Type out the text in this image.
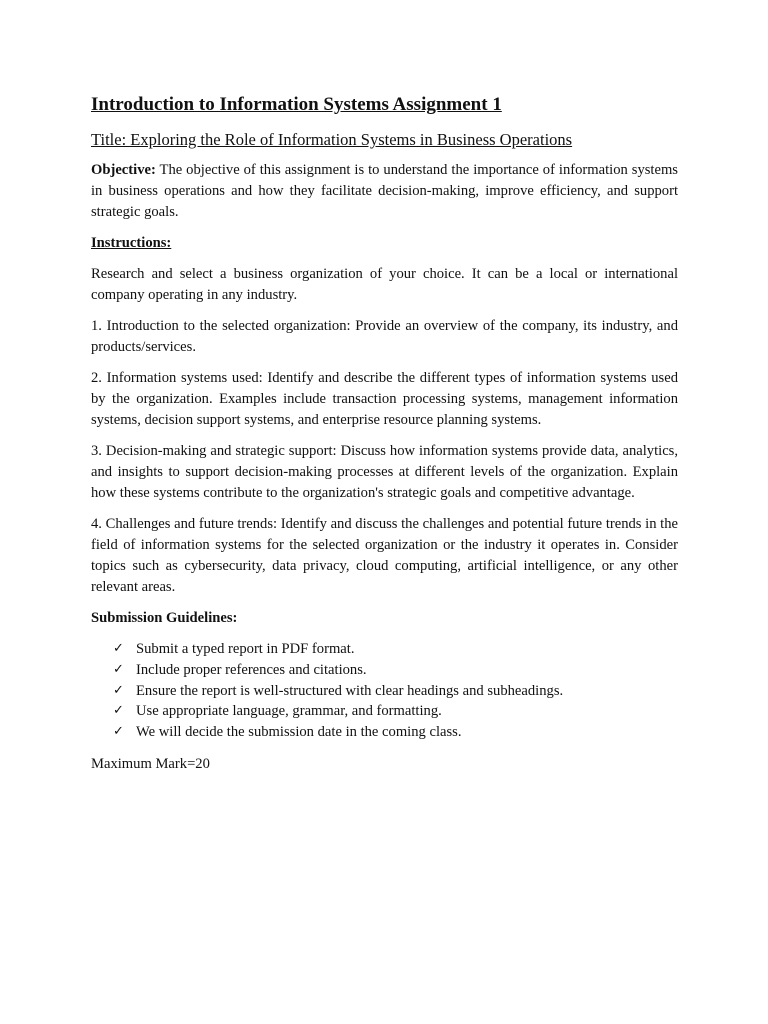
Introduction to Information Systems Assignment 1
Title: Exploring the Role of Information Systems in Business Operations

Objective: The objective of this assignment is to understand the importance of information systems in business operations and how they facilitate decision-making, improve efficiency, and support strategic goals.

Instructions:

Research and select a business organization of your choice. It can be a local or international company operating in any industry.

1. Introduction to the selected organization: Provide an overview of the company, its industry, and products/services.

2. Information systems used: Identify and describe the different types of information systems used by the organization. Examples include transaction processing systems, management information systems, decision support systems, and enterprise resource planning systems.

3. Decision-making and strategic support: Discuss how information systems provide data, analytics, and insights to support decision-making processes at different levels of the organization. Explain how these systems contribute to the organization's strategic goals and competitive advantage.

4. Challenges and future trends: Identify and discuss the challenges and potential future trends in the field of information systems for the selected organization or the industry it operates in. Consider topics such as cybersecurity, data privacy, cloud computing, artificial intelligence, or any other relevant areas.

Submission Guidelines:
✓ Submit a typed report in PDF format.
✓ Include proper references and citations.
✓ Ensure the report is well-structured with clear headings and subheadings.
✓ Use appropriate language, grammar, and formatting.
✓ We will decide the submission date in the coming class.

Maximum Mark=20
